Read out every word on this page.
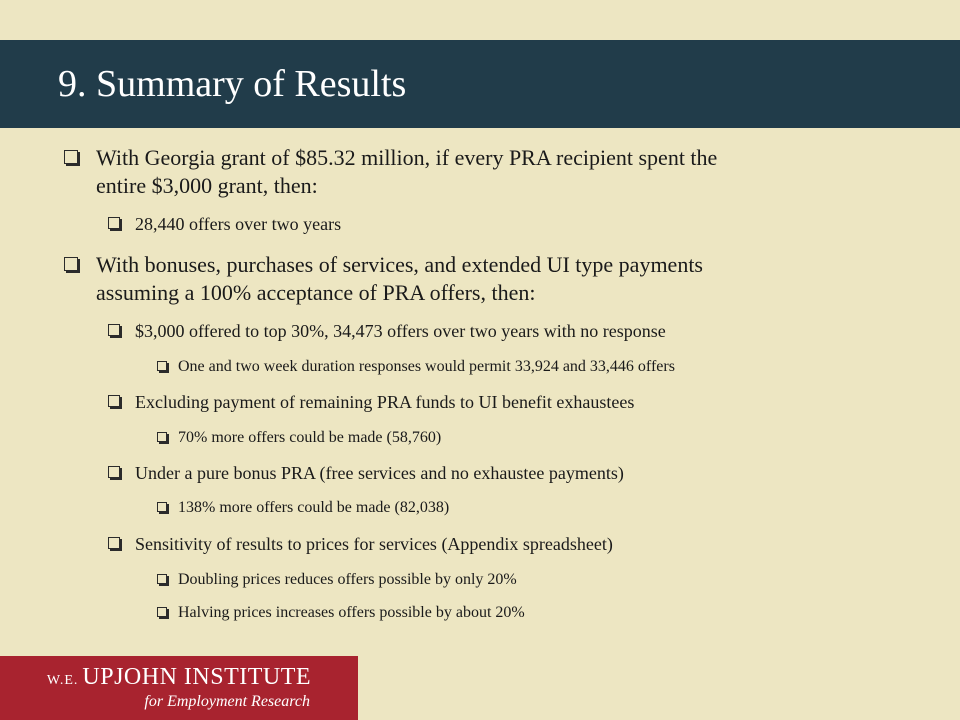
9. Summary of Results
With Georgia grant of $85.32 million, if every PRA recipient spent the
entire $3,000 grant, then:
28,440 offers over two years
With bonuses, purchases of services, and extended UI type payments
assuming a 100% acceptance of PRA offers, then:
$3,000 offered to top 30%, 34,473 offers over two years with no response
One and two week duration responses would permit 33,924 and 33,446 offers
Excluding payment of remaining PRA funds to UI benefit exhaustees
70% more offers could be made (58,760)
Under a pure bonus PRA (free services and no exhaustee payments)
138% more offers could be made (82,038)
Sensitivity of results to prices for services (Appendix spreadsheet)
Doubling prices reduces offers possible by only 20%
Halving prices increases offers possible by about 20%
W.E. UPJOHN INSTITUTE
for Employment Research
